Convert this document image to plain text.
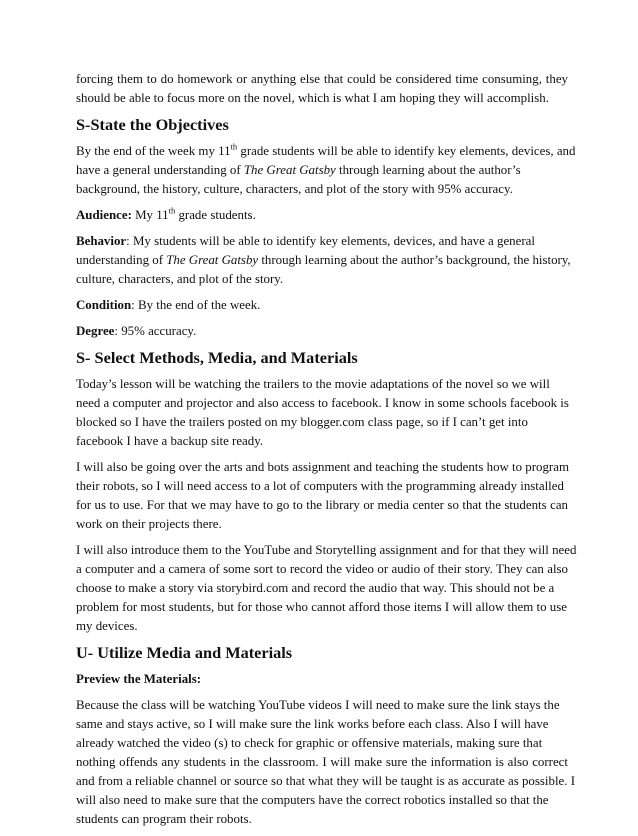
forcing them to do homework or anything else that could be considered time consuming, they
should be able to focus more on the novel, which is what I am hoping they will accomplish.

S-State the Objectives

By the end of the week my 11th grade students will be able to identify key elements, devices, and
have a general understanding of The Great Gatsby through learning about the author’s
background, the history, culture, characters, and plot of the story with 95% accuracy.

Audience: My 11th grade students.

Behavior: My students will be able to identify key elements, devices, and have a general
understanding of The Great Gatsby through learning about the author’s background, the history,
culture, characters, and plot of the story.

Condition: By the end of the week.

Degree: 95% accuracy.

S- Select Methods, Media, and Materials

Today’s lesson will be watching the trailers to the movie adaptations of the novel so we will
need a computer and projector and also access to facebook. I know in some schools facebook is
blocked so I have the trailers posted on my blogger.com class page, so if I can’t get into
facebook I have a backup site ready.

I will also be going over the arts and bots assignment and teaching the students how to program
their robots, so I will need access to a lot of computers with the programming already installed
for us to use. For that we may have to go to the library or media center so that the students can
work on their projects there.

I will also introduce them to the YouTube and Storytelling assignment and for that they will need
a computer and a camera of some sort to record the video or audio of their story. They can also
choose to make a story via storybird.com and record the audio that way. This should not be a
problem for most students, but for those who cannot afford those items I will allow them to use
my devices.

U- Utilize Media and Materials
Preview the Materials:

Because the class will be watching YouTube videos I will need to make sure the link stays the
same and stays active, so I will make sure the link works before each class. Also I will have
already watched the video (s) to check for graphic or offensive materials, making sure that
nothing offends any students in the classroom. I will make sure the information is also correct
and from a reliable channel or source so that what they will be taught is as accurate as possible. I
will also need to make sure that the computers have the correct robotics installed so that the
students can program their robots.
